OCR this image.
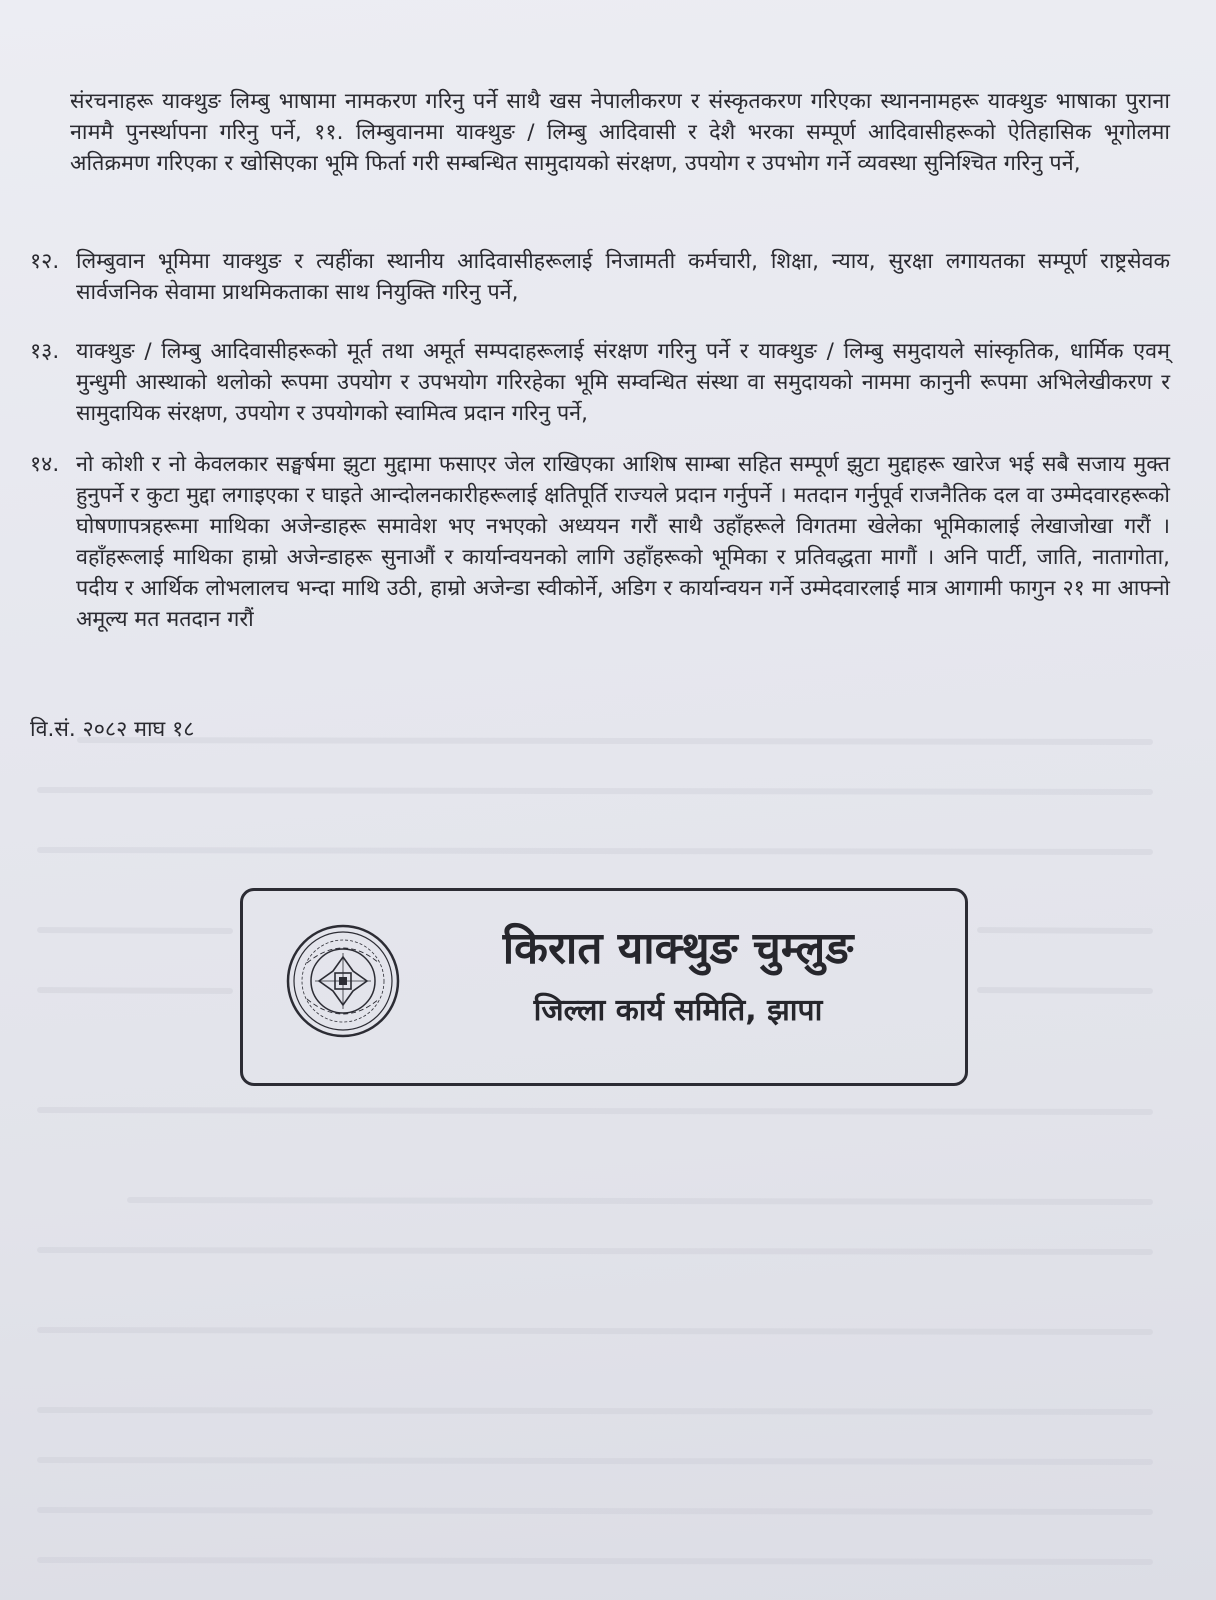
संरचनाहरू याक्थुङ लिम्बु भाषामा नामकरण गरिनु पर्ने साथै खस नेपालीकरण र संस्कृतकरण गरिएका स्थाननामहरू याक्थुङ भाषाका पुराना नाममै पुनर्स्थापना गरिनु पर्ने, ११. लिम्बुवानमा याक्थुङ / लिम्बु आदिवासी र देशै भरका सम्पूर्ण आदिवासीहरूको ऐतिहासिक भूगोलमा अतिक्रमण गरिएका र खोसिएका भूमि फिर्ता गरी सम्बन्धित सामुदायको संरक्षण, उपयोग र उपभोग गर्ने व्यवस्था सुनिश्चित गरिनु पर्ने,

१२. लिम्बुवान भूमिमा याक्थुङ र त्यहींका स्थानीय आदिवासीहरूलाई निजामती कर्मचारी, शिक्षा, न्याय, सुरक्षा लगायतका सम्पूर्ण राष्ट्रसेवक सार्वजनिक सेवामा प्राथमिकताका साथ नियुक्ति गरिनु पर्ने,
१३. याक्थुङ / लिम्बु आदिवासीहरूको मूर्त तथा अमूर्त सम्पदाहरूलाई संरक्षण गरिनु पर्ने र याक्थुङ / लिम्बु समुदायले सांस्कृतिक, धार्मिक एवम् मुन्धुमी आस्थाको थलोको रूपमा उपयोग र उपभयोग गरिरहेका भूमि सम्वन्धित संस्था वा समुदायको नाममा कानुनी रूपमा अभिलेखीकरण र सामुदायिक संरक्षण, उपयोग र उपयोगको स्वामित्व प्रदान गरिनु पर्ने,
१४. नो कोशी र नो केवलकार सङ्घर्षमा झुटा मुद्दामा फसाएर जेल राखिएका आशिष साम्बा सहित सम्पूर्ण झुटा मुद्दाहरू खारेज भई सबै सजाय मुक्त हुनुपर्ने र कुटा मुद्दा लगाइएका र घाइते आन्दोलनकारीहरूलाई क्षतिपूर्ति राज्यले प्रदान गर्नुपर्ने । मतदान गर्नुपूर्व राजनैतिक दल वा उम्मेदवारहरूको घोषणापत्रहरूमा माथिका अजेन्डाहरू समावेश भए नभएको अध्ययन गरौं साथै उहाँहरूले विगतमा खेलेका भूमिकालाई लेखाजोखा गरौं । वहाँहरूलाई माथिका हाम्रो अजेन्डाहरू सुनाऔं र कार्यान्वयनको लागि उहाँहरूको भूमिका र प्रतिवद्धता मागौं । अनि पार्टी, जाति, नातागोता, पदीय र आर्थिक लोभलालच भन्दा माथि उठी, हाम्रो अजेन्डा स्वीकोर्ने, अडिग र कार्यान्वयन गर्ने उम्मेदवारलाई मात्र आगामी फागुन २१ मा आफ्नो अमूल्य मत मतदान गरौं
वि.सं. २०८२ माघ १८
किरात याक्थुङ चुम्लुङ
जिल्ला कार्य समिति, झापा
